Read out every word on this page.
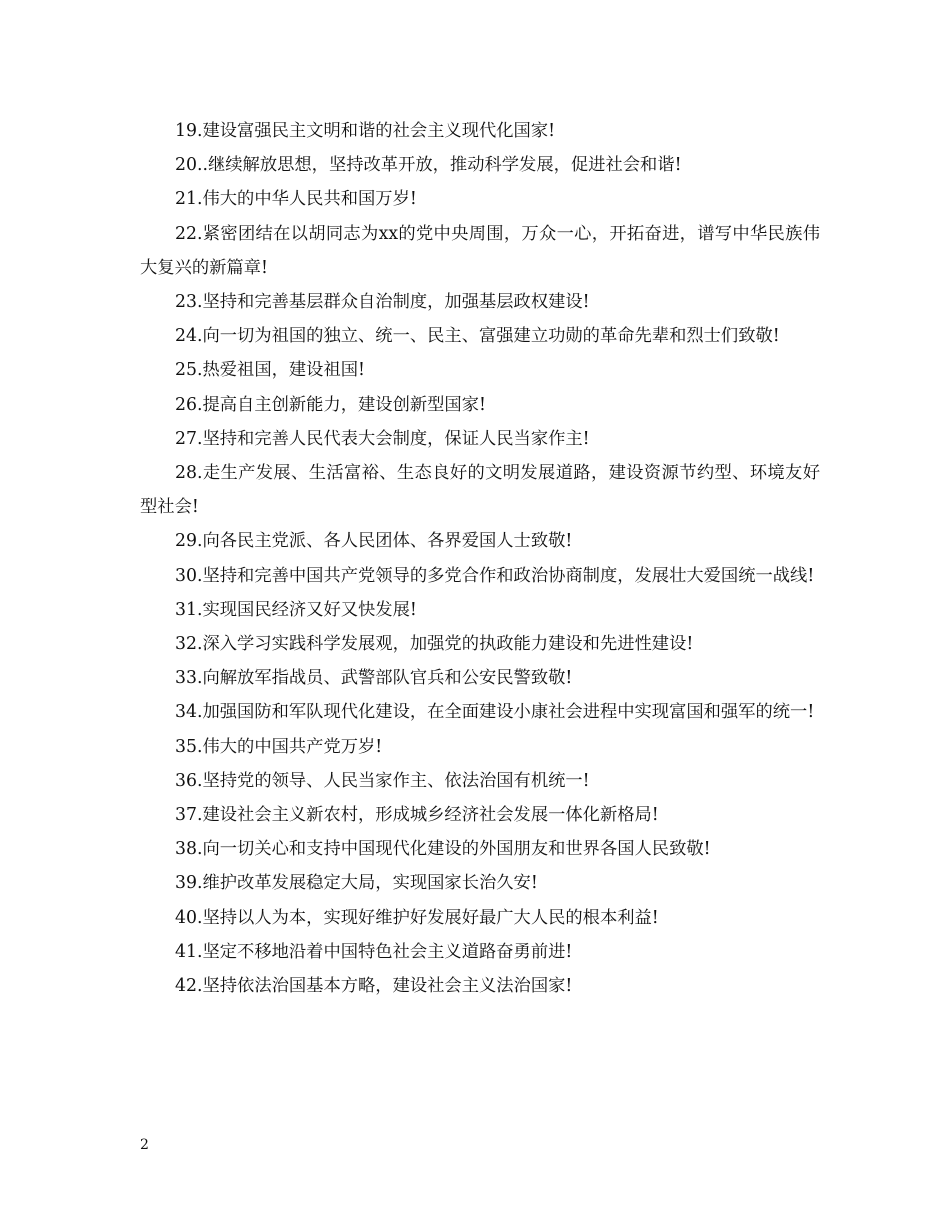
19.建设富强民主文明和谐的社会主义现代化国家!

20..继续解放思想，坚持改革开放，推动科学发展，促进社会和谐!

21.伟大的中华人民共和国万岁!

22.紧密团结在以胡同志为xx的党中央周围，万众一心，开拓奋进，谱写中华民族伟大复兴的新篇章!

23.坚持和完善基层群众自治制度，加强基层政权建设!

24.向一切为祖国的独立、统一、民主、富强建立功勋的革命先辈和烈士们致敬!

25.热爱祖国，建设祖国!

26.提高自主创新能力，建设创新型国家!

27.坚持和完善人民代表大会制度，保证人民当家作主!

28.走生产发展、生活富裕、生态良好的文明发展道路，建设资源节约型、环境友好型社会!

29.向各民主党派、各人民团体、各界爱国人士致敬!

30.坚持和完善中国共产党领导的多党合作和政治协商制度，发展壮大爱国统一战线!

31.实现国民经济又好又快发展!

32.深入学习实践科学发展观，加强党的执政能力建设和先进性建设!

33.向解放军指战员、武警部队官兵和公安民警致敬!

34.加强国防和军队现代化建设，在全面建设小康社会进程中实现富国和强军的统一!

35.伟大的中国共产党万岁!

36.坚持党的领导、人民当家作主、依法治国有机统一!

37.建设社会主义新农村，形成城乡经济社会发展一体化新格局!

38.向一切关心和支持中国现代化建设的外国朋友和世界各国人民致敬!

39.维护改革发展稳定大局，实现国家长治久安!

40.坚持以人为本，实现好维护好发展好最广大人民的根本利益!

41.坚定不移地沿着中国特色社会主义道路奋勇前进!

42.坚持依法治国基本方略，建设社会主义法治国家!

2
